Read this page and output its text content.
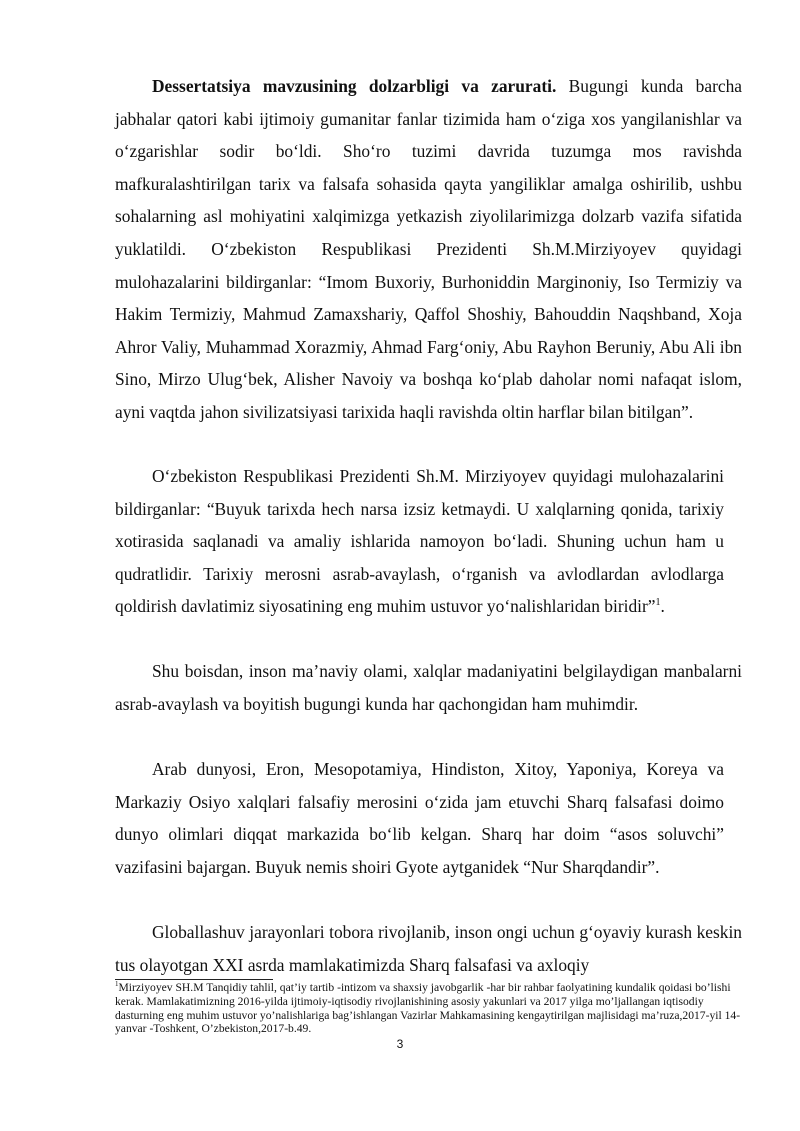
Dessertatsiya mavzusining dolzarbligi va zarurati. Bugungi kunda barcha jabhalar qatori kabi ijtimoiy gumanitar fanlar tizimida ham o‘ziga xos yangilanishlar va o‘zgarishlar sodir bo‘ldi. Sho‘ro tuzimi davrida tuzumga mos ravishda mafkuralashtirilgan tarix va falsafa sohasida qayta yangiliklar amalga oshirilib, ushbu sohalarning asl mohiyatini xalqimizga yetkazish ziyolilarimizga dolzarb vazifa sifatida yuklatildi. O‘zbekiston Respublikasi Prezidenti Sh.M.Mirziyoyev quyidagi mulohazalarini bildirganlar: “Imom Buxoriy, Burhoniddin Marginoniy, Iso Termiziy va Hakim Termiziy, Mahmud Zamaxshariy, Qaffol Shoshiy, Bahouddin Naqshband, Xoja Ahror Valiy, Muhammad Xorazmiy, Ahmad Farg‘oniy, Abu Rayhon Beruniy, Abu Ali ibn Sino, Mirzo Ulug‘bek, Alisher Navoiy va boshqa ko‘plab daholar nomi nafaqat islom, ayni vaqtda jahon sivilizatsiyasi tarixida haqli ravishda oltin harflar bilan bitilgan”.

O‘zbekiston Respublikasi Prezidenti Sh.M. Mirziyoyev quyidagi mulohazalarini bildirganlar: “Buyuk tarixda hech narsa izsiz ketmaydi. U xalqlarning qonida, tarixiy xotirasida saqlanadi va amaliy ishlarida namoyon bo‘ladi. Shuning uchun ham u qudratlidir. Tarixiy merosni asrab-avaylash, o‘rganish va avlodlardan avlodlarga qoldirish davlatimiz siyosatining eng muhim ustuvor yo‘nalishlaridan biridir”$^1$.

Shu boisdan, inson ma’naviy olami, xalqlar madaniyatini belgilaydigan manbalarni asrab-avaylash va boyitish bugungi kunda har qachongidan ham muhimdir.

Arab dunyosi, Eron, Mesopotamiya, Hindiston, Xitoy, Yaponiya, Koreya va Markaziy Osiyo xalqlari falsafiy merosini o‘zida jam etuvchi Sharq falsafasi doimo dunyo olimlari diqqat markazida bo‘lib kelgan. Sharq har doim “asos soluvchi” vazifasini bajargan. Buyuk nemis shoiri Gyote aytganidek “Nur Sharqdandir”.

Globallashuv jarayonlari tobora rivojlanib, inson ongi uchun g‘oyaviy kurash keskin tus olayotgan XXI asrda mamlakatimizda Sharq falsafasi va axloqiy

$^1$Mirziyoyev SH.M Tanqidiy tahlil, qat’iy tartib -intizom va shaxsiy javobgarlik -har bir rahbar faolyatining kundalik qoidasi bo’lishi kerak. Mamlakatimizning 2016-yilda ijtimoiy-iqtisodiy rivojlanishining asosiy yakunlari va 2017 yilga mo’ljallangan iqtisodiy dasturning eng muhim ustuvor yo’nalishlariga bag’ishlangan Vazirlar Mahkamasining kengaytirilgan majlisidagi ma’ruza,2017-yil 14-yanvar -Toshkent, O’zbekiston,2017-b.49.

3
